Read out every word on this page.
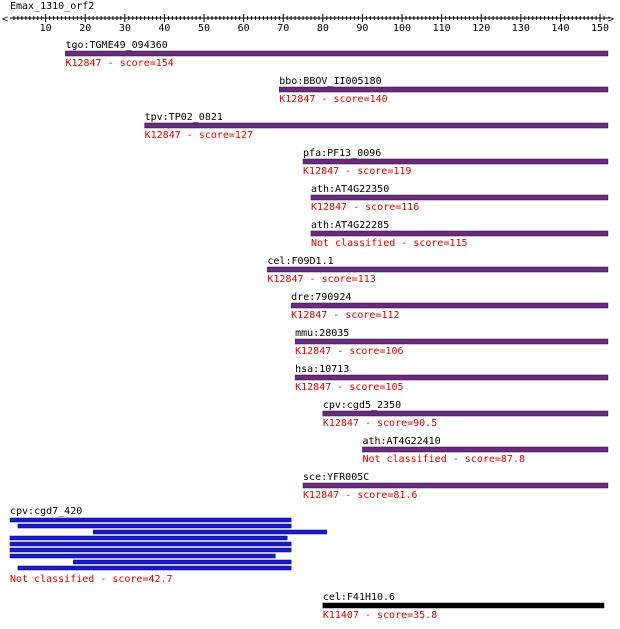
Emax_1310_orf2
<	>
10	20	30	40	50	60	70	80	90 100 110 120 130 140 150
tgo:TGME49_094360
K12847 - score=154
bbo:BBOV_II005180
K12847 - score=140
tpv:TP02_0821
K12847 - score=127
pfa:PF13_0096
K12847 - score=119
ath:AT4G22350
K12847 - score=116
ath:AT4G22285
Not classified - score=115
cel:F09D1.1
K12847 - score=113
dre:790924
K12847 - score=112
mmu:28035
K12847 - score=106
hsa:10713
K12847 - score=105
cpv:cgd5_2350
K12847 - score=90.5
ath:AT4G22410
Not classified - score=87.8
sce:YFR005C
K12847 - score=81.6
cpv:cgd7_420
Not classified - score=42.7
cel:F41H10.6
K11407 - score=35.8
